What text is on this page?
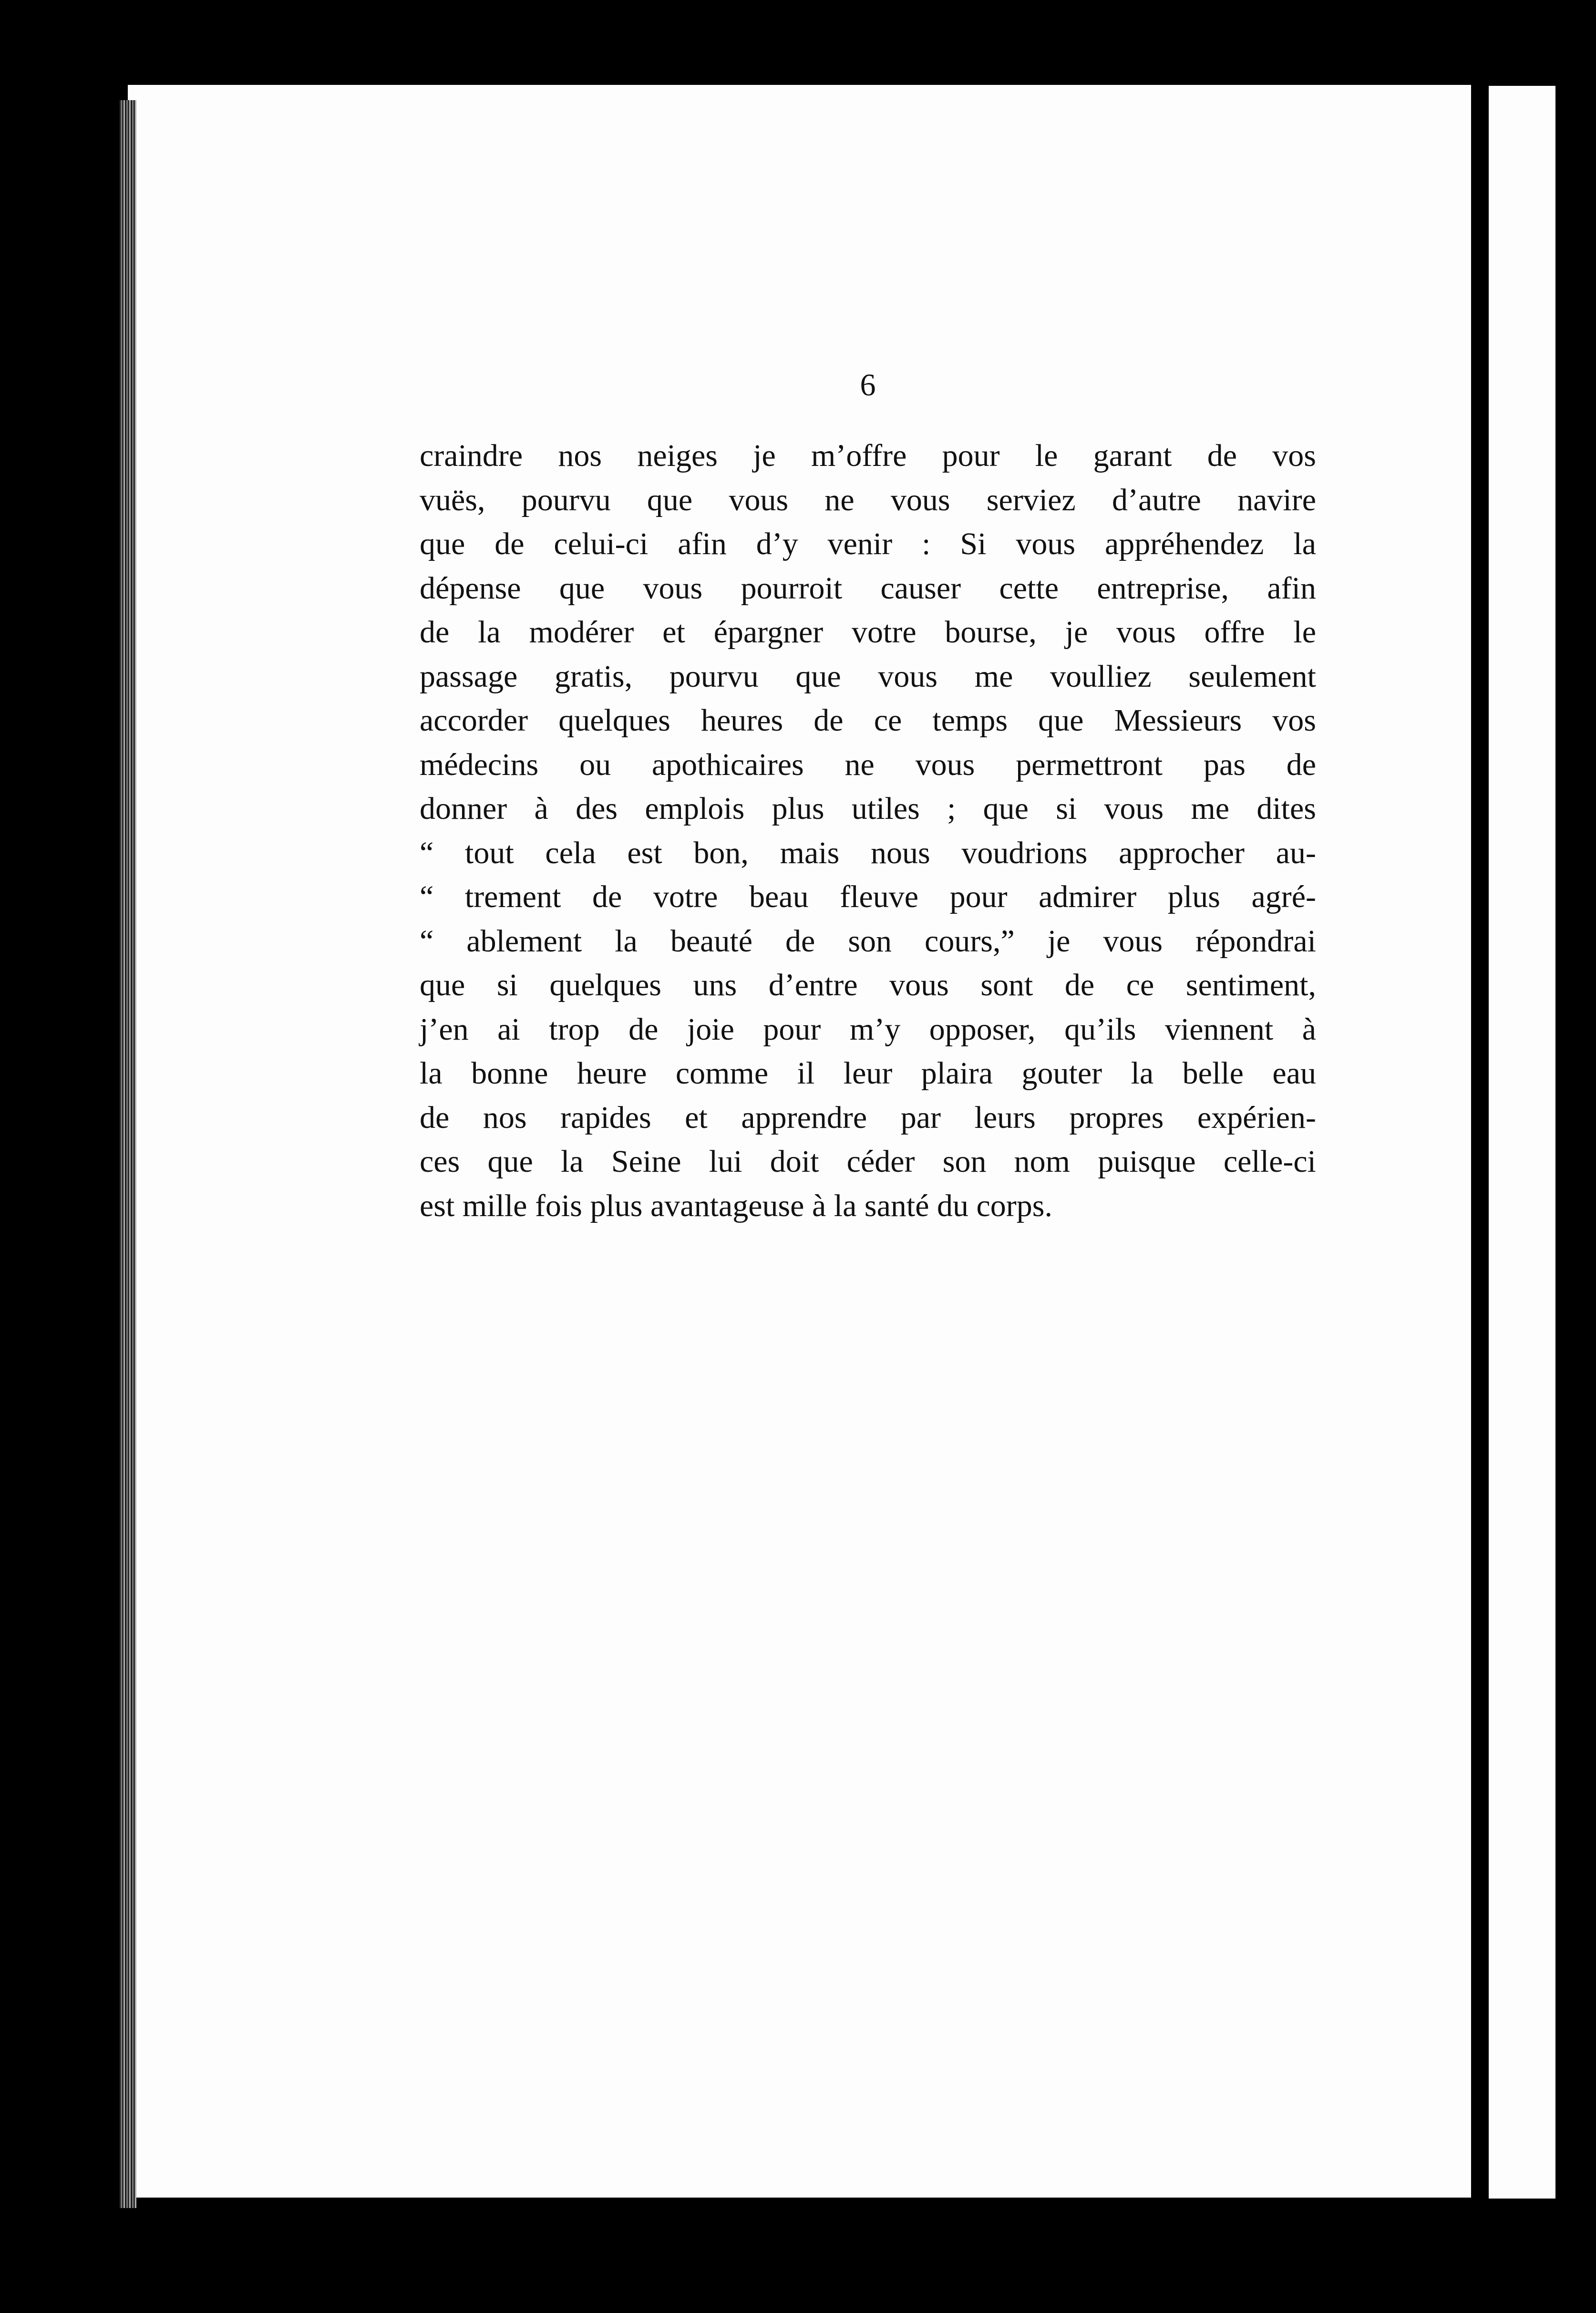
6
craindre nos neiges je m’offre pour le garant de vos
vuës, pourvu que vous ne vous serviez d’autre navire
que de celui-ci afin d’y venir : Si vous appréhendez la
dépense que vous pourroit causer cette entreprise, afin
de la modérer et épargner votre bourse, je vous offre le
passage gratis, pourvu que vous me voulliez seulement
accorder quelques heures de ce temps que Messieurs vos
médecins ou apothicaires ne vous permettront pas de
donner à des emplois plus utiles ; que si vous me dites
“ tout cela est bon, mais nous voudrions approcher au-
“ trement de votre beau fleuve pour admirer plus agré-
“ ablement la beauté de son cours,” je vous répondrai
que si quelques uns d’entre vous sont de ce sentiment,
j’en ai trop de joie pour m’y opposer, qu’ils viennent à
la bonne heure comme il leur plaira gouter la belle eau
de nos rapides et apprendre par leurs propres expérien-
ces que la Seine lui doit céder son nom puisque celle-ci
est mille fois plus avantageuse à la santé du corps.
